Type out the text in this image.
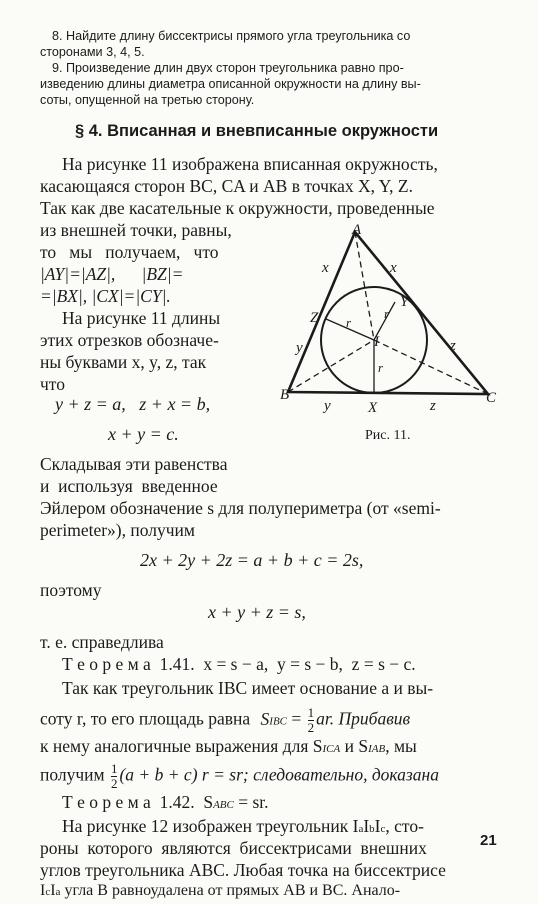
8. Найдите длину биссектрисы прямого угла треугольника со
сторонами 3, 4, 5.
9. Произведение длин двух сторон треугольника равно про-
изведению длины диаметра описанной окружности на длину вы-
соты, опущенной на третью сторону.
§ 4. Вписанная и вневписанные окружности
На рисунке 11 изображена вписанная окружность,
касающаяся сторон BC, CA и AB в точках X, Y, Z.
Так как две касательные к окружности, проведенные
из внешней точки, равны,
то   мы   получаем,   что
|AY|=|AZ|,      |BZ|=
=|BX|, |CX|=|CY|.
На рисунке 11 длины
этих отрезков обозначе-
ны буквами x, y, z, так
что
y + z = a,   z + x = b,
x + y = c.
Складывая эти равенства
и  используя  введенное
Эйлером обозначение s для полупериметра (от «semi-
perimeter»), получим
2x + 2y + 2z = a + b + c = 2s,
поэтому
x + y + z = s,
т. е. справедлива
Т е о р е м а  1.41.  x = s − a,  y = s − b,  z = s − c.
Так как треугольник IBC имеет основание a и вы-
соту r, то его площадь равна SIBC = $\frac{1}{2}$ ar. Прибавив
к нему аналогичные выражения для SICA и SIAB, мы
получим $\frac{1}{2} (a + b + c) r$ = sr; следовательно, доказана
Т е о р е м а  1.42.  SABC = sr.
На рисунке 12 изображен треугольник IaIbIc, сто-
роны  которого  являются  биссектрисами  внешних
углов треугольника ABC. Любая точка на биссектрисе
IcIa угла B равноудалена от прямых AB и BC. Анало-
21
A
B	C
X
Y
Z
I
x	x
y
y
z
z
r
r
r
Рис. 11.
